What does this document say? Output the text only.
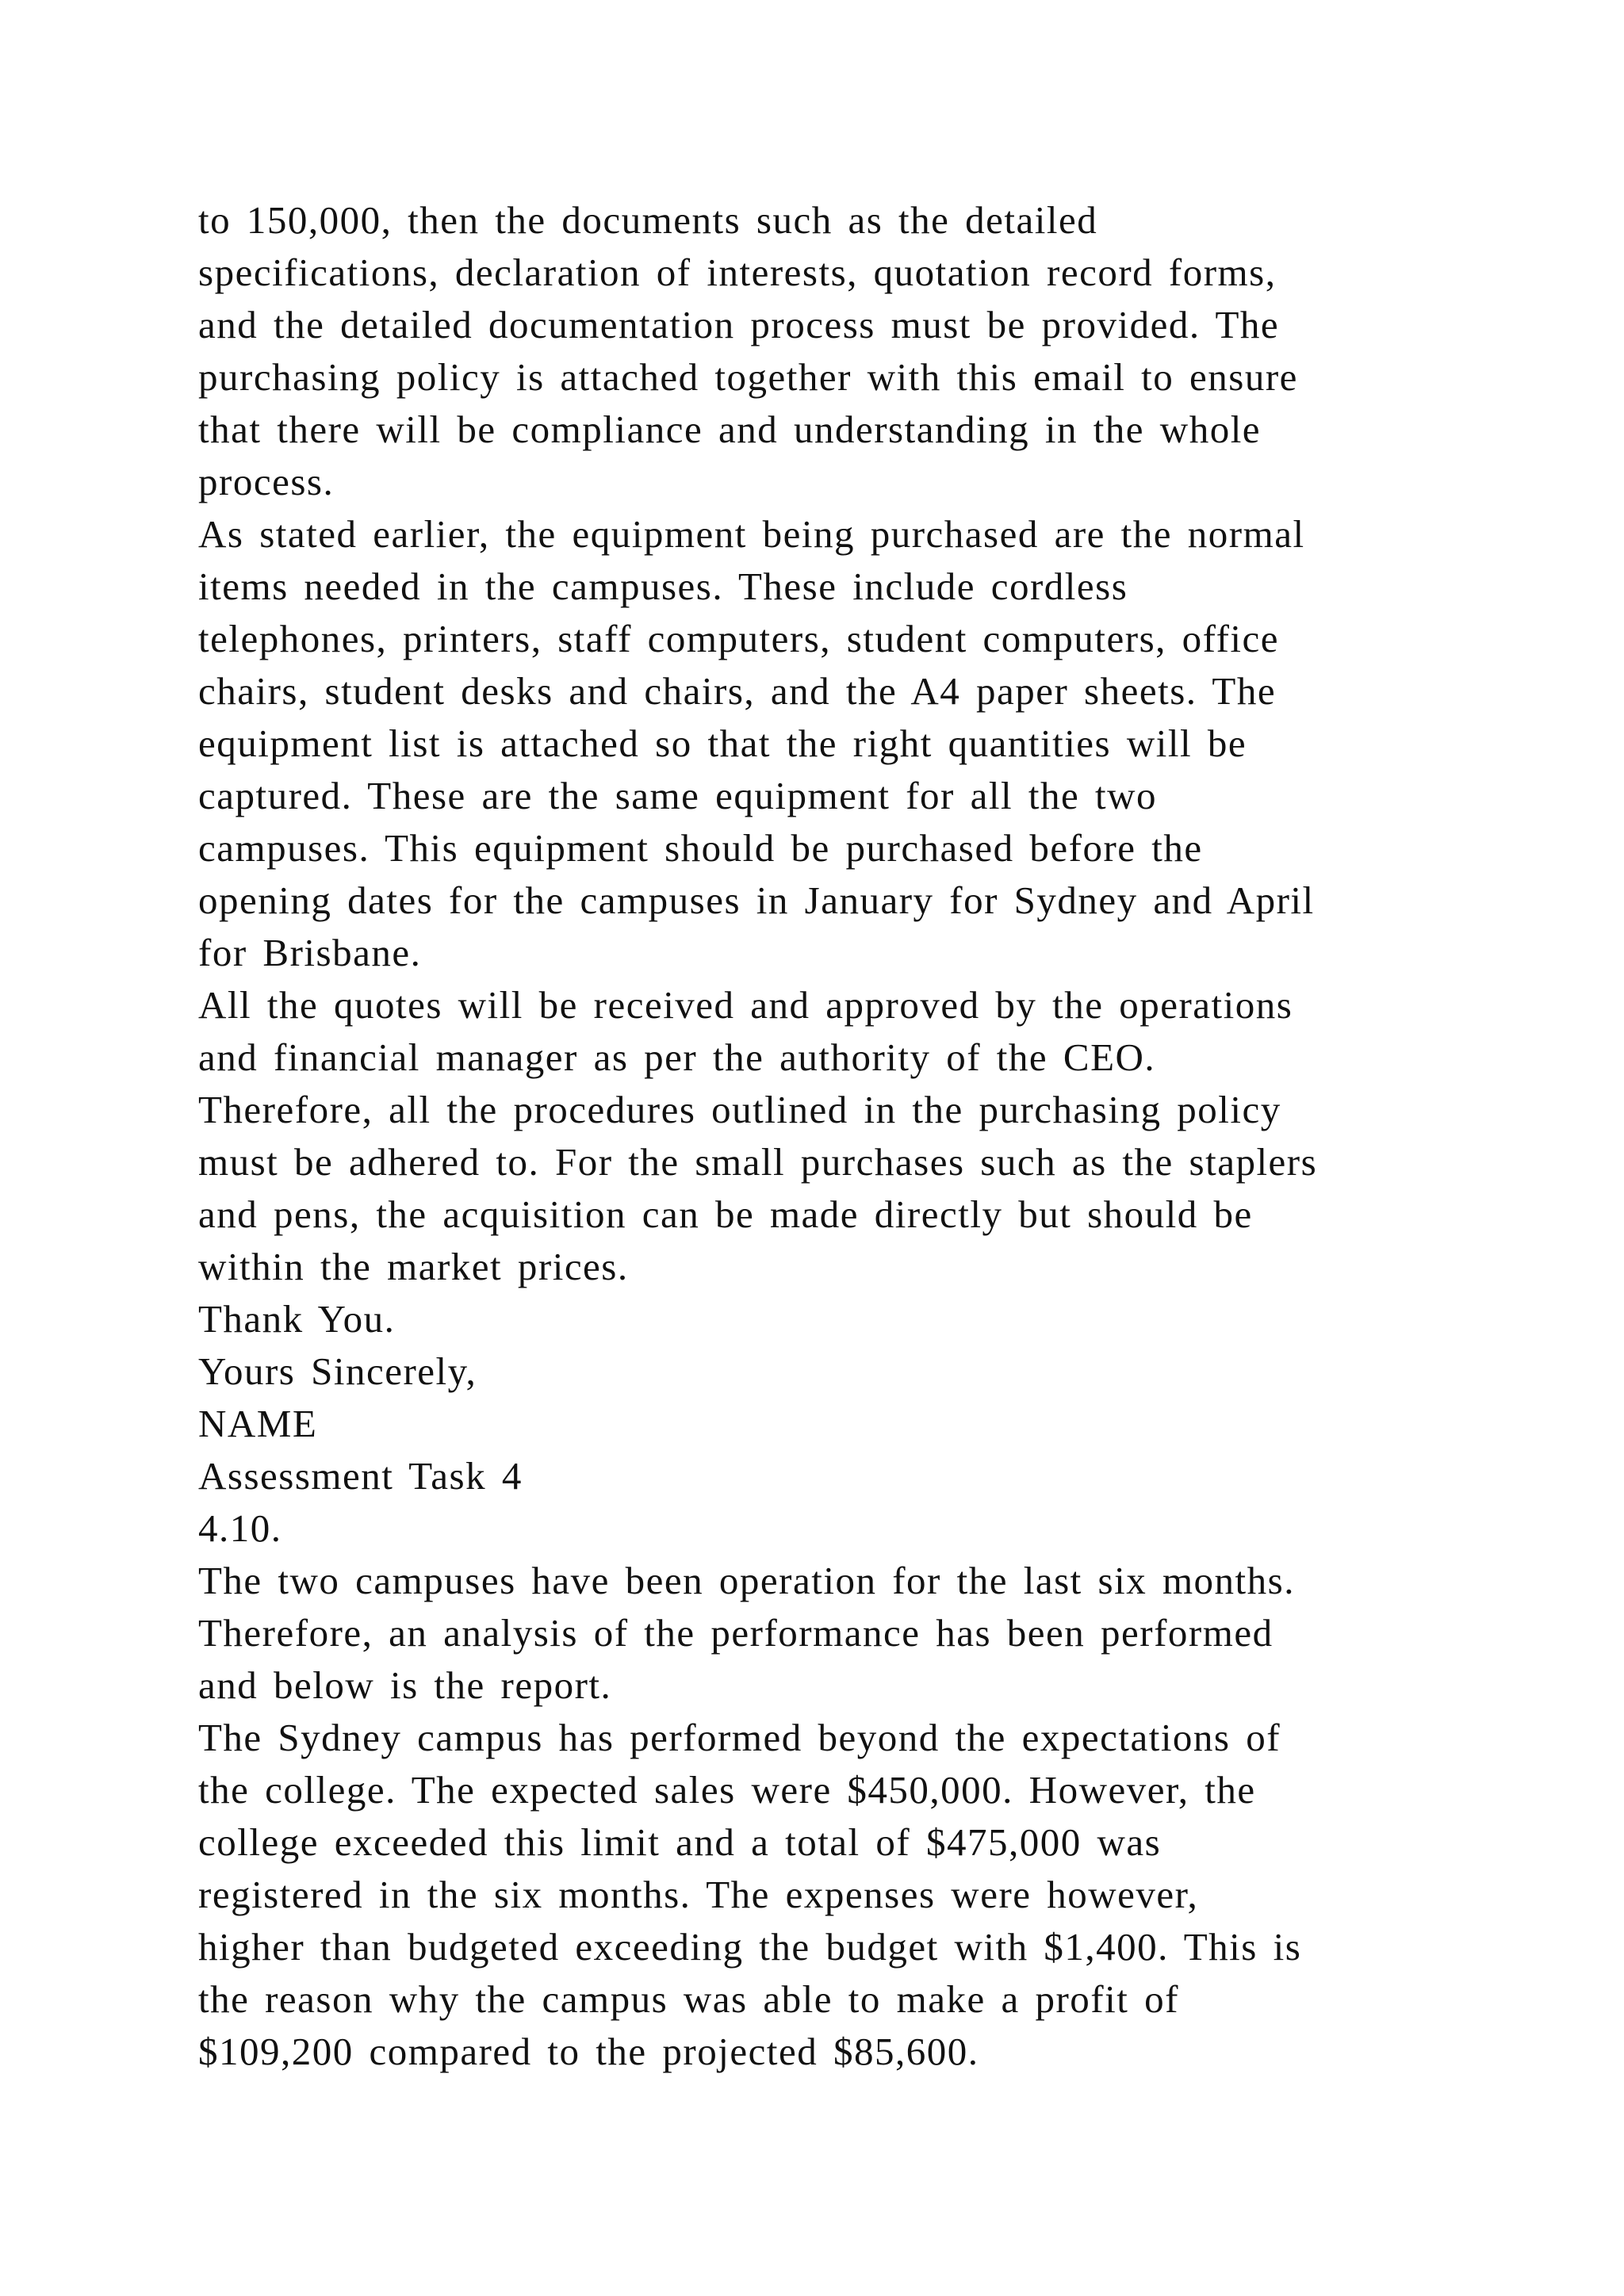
to 150,000, then the documents such as the detailed
specifications, declaration of interests, quotation record forms,
and the detailed documentation process must be provided. The
purchasing policy is attached together with this email to ensure
that there will be compliance and understanding in the whole
process.
As stated earlier, the equipment being purchased are the normal
items needed in the campuses. These include cordless
telephones, printers, staff computers, student computers, office
chairs, student desks and chairs, and the A4 paper sheets. The
equipment list is attached so that the right quantities will be
captured. These are the same equipment for all the two
campuses. This equipment should be purchased before the
opening dates for the campuses in January for Sydney and April
for Brisbane.
All the quotes will be received and approved by the operations
and financial manager as per the authority of the CEO.
Therefore, all the procedures outlined in the purchasing policy
must be adhered to. For the small purchases such as the staplers
and pens, the acquisition can be made directly but should be
within the market prices.
Thank You.
Yours Sincerely,
NAME
Assessment Task 4
4.10.
The two campuses have been operation for the last six months.
Therefore, an analysis of the performance has been performed
and below is the report.
The Sydney campus has performed beyond the expectations of
the college. The expected sales were $450,000. However, the
college exceeded this limit and a total of $475,000 was
registered in the six months. The expenses were however,
higher than budgeted exceeding the budget with $1,400. This is
the reason why the campus was able to make a profit of
$109,200 compared to the projected $85,600.
